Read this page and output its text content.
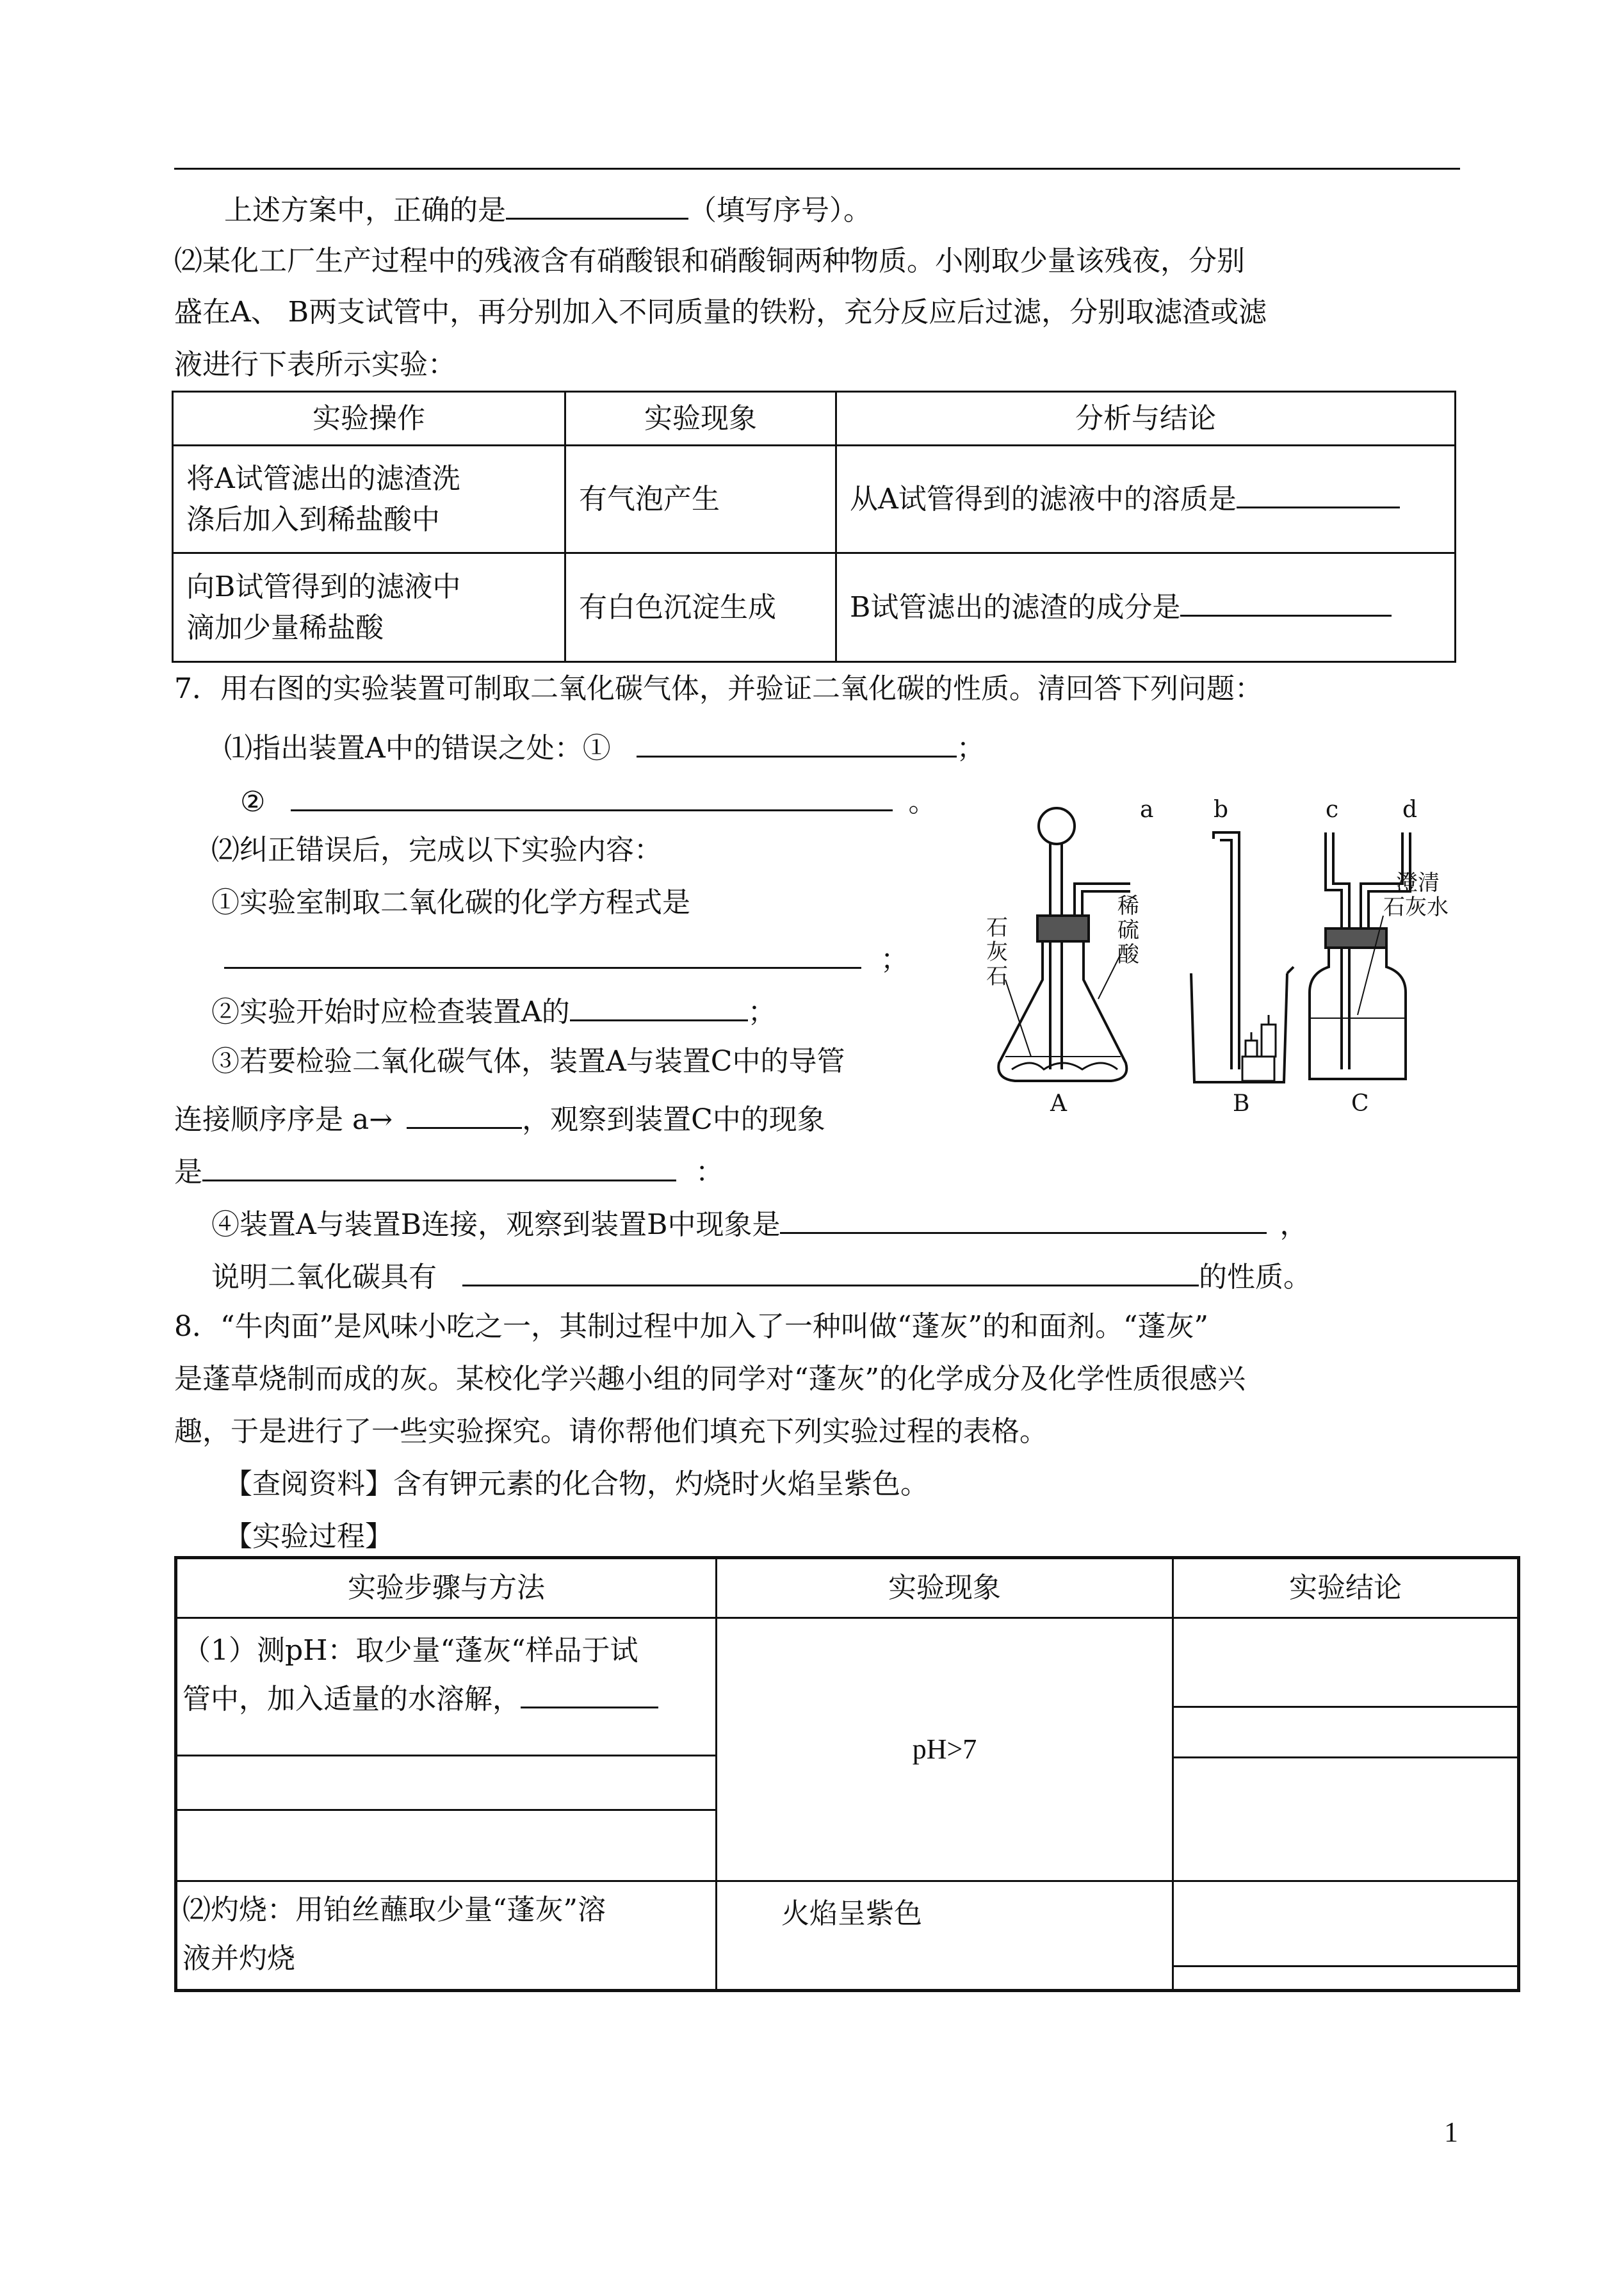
上述方案中，正确的是	（填写序号）。
⑵某化工厂生产过程中的残液含有硝酸银和硝酸铜两种物质。小刚取少量该残夜，分别
盛在A、 B两支试管中，再分别加入不同质量的铁粉，充分反应后过滤，分别取滤渣或滤
液进行下表所示实验：
实验操作	实验现象	分析与结论

将A试管滤出的滤渣洗
涤后加入到稀盐酸中	有气泡产生	从A试管得到的滤液中的溶质是

向B试管得到的滤液中
滴加少量稀盐酸	有白色沉淀生成	B试管滤出的滤渣的成分是
7．用右图的实验装置可制取二氧化碳气体，并验证二氧化碳的性质。清回答下列问题：
⑴指出装置A中的错误之处：①	；
②	。
⑵纠正错误后，完成以下实验内容：
①实验室制取二氧化碳的化学方程式是
；
②实验开始时应检查装置A的	；
③若要检验二氧化碳气体，装置A与装置C中的导管
连接顺序序是 a→	，观察到装置C中的现象
是	：
④装置A与装置B连接，观察到装置B中现象是	，
说明二氧化碳具有	的性质。
a	b	c	d
石
灰
石
稀
硫
酸
澄清
石灰水
A	B	C
8．“牛肉面”是风味小吃之一，其制过程中加入了一种叫做“蓬灰”的和面剂。“蓬灰”
是蓬草烧制而成的灰。某校化学兴趣小组的同学对“蓬灰”的化学成分及化学性质很感兴
趣，于是进行了一些实验探究。请你帮他们填充下列实验过程的表格。
【查阅资料】含有钾元素的化合物，灼烧时火焰呈紫色。
【实验过程】
实验步骤与方法	实验现象	实验结论

（1）测pH：取少量“蓬灰“样品于试
管中，加入适量的水溶解，	pH>7	

⑵灼烧：用铂丝蘸取少量“蓬灰”溶
液并灼烧	火焰呈紫色	
1
